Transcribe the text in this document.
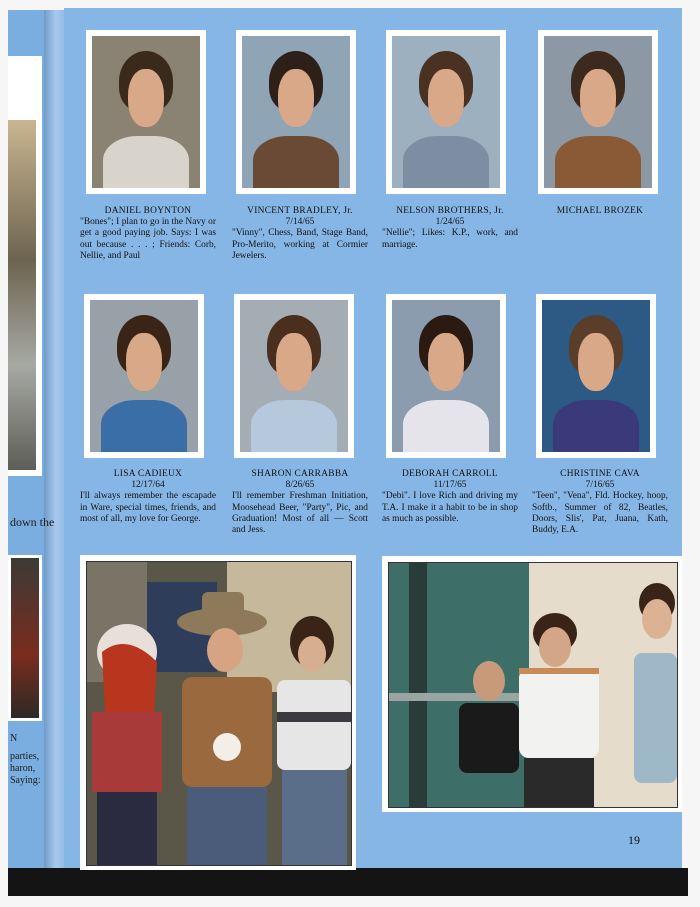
down the
N
parties,
haron,
Saying:
DANIEL BOYNTON
"Bones"; I plan to go in the Navy or get a good paying job. Says: I was out because . . . ; Friends: Corb, Nellie, and Paul
VINCENT BRADLEY, Jr.
7/14/65
"Vinny", Chess, Band, Stage Band, Pro-Merito, working at Cormier Jewelers.
NELSON BROTHERS, Jr.
1/24/65
"Nellie"; Likes: K.P., work, and marriage.
MICHAEL BROZEK
LISA CADIEUX
12/17/64
I'll always remember the escapade in Ware, special times, friends, and most of all, my love for George.
SHARON CARRABBA
8/26/65
I'll remember Freshman Initiation, Moosehead Beer, "Party", Pic, and Graduation! Most of all — Scott and Jess.
DEBORAH CARROLL
11/17/65
"Debi". I love Rich and driving my T.A. I make it a habit to be in shop as much as possible.
CHRISTINE CAVA
7/16/65
"Teen", "Vena", Fld. Hockey, hoop, Softb., Summer of 82, Beatles, Doors, Slis', Pat, Juana, Kath, Buddy, E.A.
19
